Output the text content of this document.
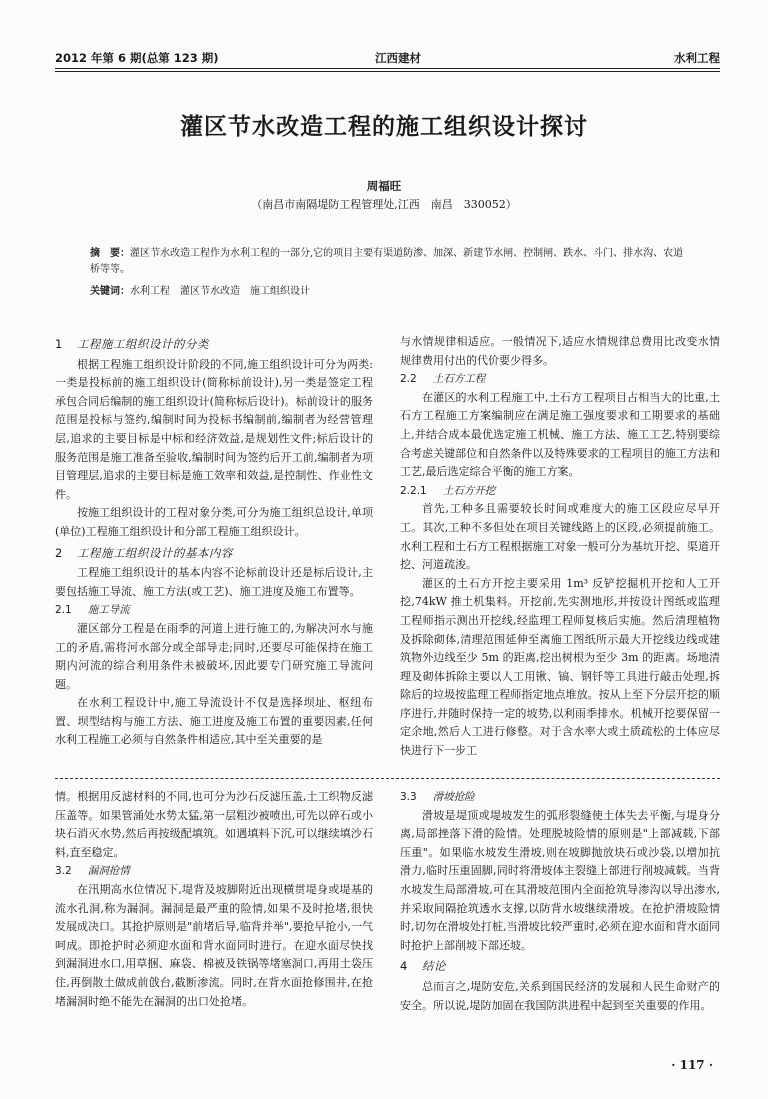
2012 年第 6 期(总第 123 期)	江西建材	水利工程
灌区节水改造工程的施工组织设计探讨
周福旺
（南昌市南隔堤防工程管理处,江西　南昌　330052）

摘　要：灌区节水改造工程作为水利工程的一部分,它的项目主要有渠道防渗、加深、新建节水闸、控制闸、跌水、斗门、排水沟、农道桥等等。

关键词：水利工程　灌区节水改造　施工组织设计

1 工程施工组织设计的分类

根据工程施工组织设计阶段的不同,施工组织设计可分为两类:一类是投标前的施工组织设计(简称标前设计),另一类是签定工程承包合同后编制的施工组织设计(简称标后设计)。标前设计的服务范围是投标与签约,编制时间为投标书编制前,编制者为经营管理层,追求的主要目标是中标和经济效益,是规划性文件;标后设计的服务范围是施工准备至验收,编制时间为签约后开工前,编制者为项目管理层,追求的主要目标是施工效率和效益,是控制性、作业性文件。

按施工组织设计的工程对象分类,可分为施工组织总设计,单项(单位)工程施工组织设计和分部工程施工组织设计。

2 工程施工组织设计的基本内容

工程施工组织设计的基本内容不论标前设计还是标后设计,主要包括施工导流、施工方法(或工艺)、施工进度及施工布置等。

2.1 施工导流

灌区部分工程是在雨季的河道上进行施工的,为解决河水与施工的矛盾,需将河水部分或全部导走;同时,还要尽可能保持在施工期内河流的综合利用条件未被破坏,因此要专门研究施工导流问题。

在水利工程设计中,施工导流设计不仅是选择坝址、枢纽布置、坝型结构与施工方法、施工进度及施工布置的重要因素,任何水利工程施工必须与自然条件相适应,其中至关重要的是

与水情规律相适应。一般情况下,适应水情规律总费用比改变水情规律费用付出的代价要少得多。

2.2 土石方工程

在灌区的水利工程施工中,土石方工程项目占相当大的比重,土石方工程施工方案编制应在满足施工强度要求和工期要求的基础上,并结合成本最优选定施工机械、施工方法、施工工艺,特别要综合考虑关键部位和自然条件以及特殊要求的工程项目的施工方法和工艺,最后选定综合平衡的施工方案。

2.2.1 土石方开挖

首先,工种多且需要较长时间或难度大的施工区段应尽早开工。其次,工种不多但处在项目关键线路上的区段,必须提前施工。水利工程和土石方工程根据施工对象一般可分为基坑开挖、渠道开挖、河道疏浚。

灌区的土石方开挖主要采用 1m³ 反铲挖掘机开挖和人工开挖,74kW 推土机集料。开挖前,先实测地形,并按设计图纸或监理工程师指示测出开挖线,经监理工程师复核后实施。然后清理植物及拆除砌体,清理范围延伸至离施工图纸所示最大开挖线边线或建筑物外边线至少 5m 的距离,挖出树根为至少 3m 的距离。场地清理及砌体拆除主要以人工用锹、镐、钢钎等工具进行敲击处理,拆除后的垃圾按监理工程师指定地点堆放。按从上至下分层开挖的顺序进行,并随时保持一定的坡势,以利雨季排水。机械开挖要保留一定余地,然后人工进行修整。对于含水率大或土质疏松的土体应尽快进行下一步工

情。根据用反滤材料的不同,也可分为沙石反滤压盖,土工织物反滤压盖等。如果管涌处水势太猛,第一层粗沙被喷出,可先以碎石或小块石消灭水势,然后再按级配填筑。如遇填料下沉,可以继续填沙石料,直至稳定。

3.2 漏洞抢情

在汛期高水位情况下,堤背及坡脚附近出现横贯堤身或堤基的流水孔洞,称为漏洞。漏洞是最严重的险情,如果不及时抢堵,很快发展成决口。其抢护原则是"前堵后导,临背并举",要抢早抢小,一气呵成。即抢护时必须迎水面和背水面同时进行。在迎水面尽快找到漏洞进水口,用草捆、麻袋、棉被及铁锅等堵塞洞口,再用土袋压住,再倒散土做成前戗台,截断渗流。同时,在背水面抢修围井,在抢堵漏洞时绝不能先在漏洞的出口处抢堵。

3.3 滑坡抢险

滑坡是堤顶或堤坡发生的弧形裂缝使土体失去平衡,与堤身分离,局部挫落下滑的险情。处理脱坡险情的原则是"上部减载,下部压重"。如果临水坡发生滑坡,则在坡脚抛放块石或沙袋,以增加抗滑力,临时压重固脚,同时将滑坡体主裂缝上部进行削坡减载。当背水坡发生局部滑坡,可在其滑坡范围内全面抢筑导渗沟以导出渗水,并采取间隔抢筑透水支撑,以防背水坡继续滑坡。在抢护滑坡险情时,切勿在滑坡处打桩,当滑坡比较严重时,必须在迎水面和背水面同时抢护上部削坡下部还坡。

4 结论

总而言之,堤防安危,关系到国民经济的发展和人民生命财产的安全。所以说,堤防加固在我国防洪进程中起到至关重要的作用。

· 117 ·
